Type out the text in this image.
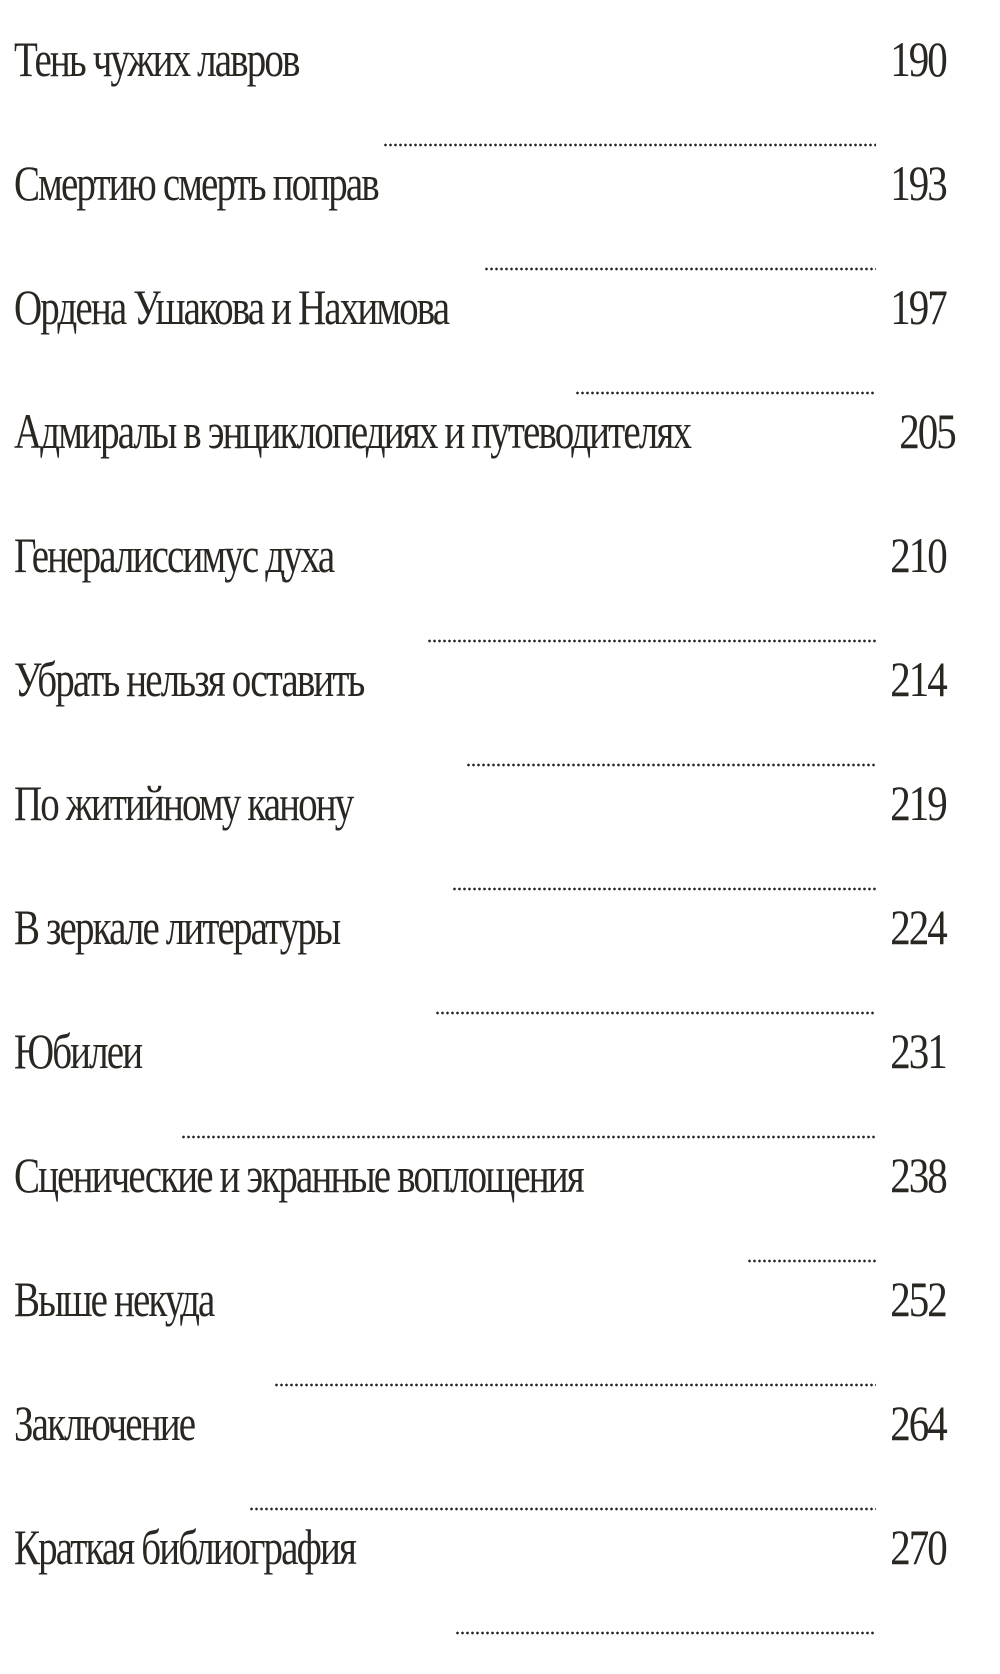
Тень чужих лавров	190
Смертию смерть поправ	193
Ордена Ушакова и Нахимова	197
Адмиралы в энциклопедиях и путеводителях	205
Генералиссимус духа	210
Убрать нельзя оставить	214
По житийному канону	219
В зеркале литературы	224
Юбилеи	231
Сценические и экранные воплощения	238
Выше некуда	252
Заключение	264
Краткая библиография	270
